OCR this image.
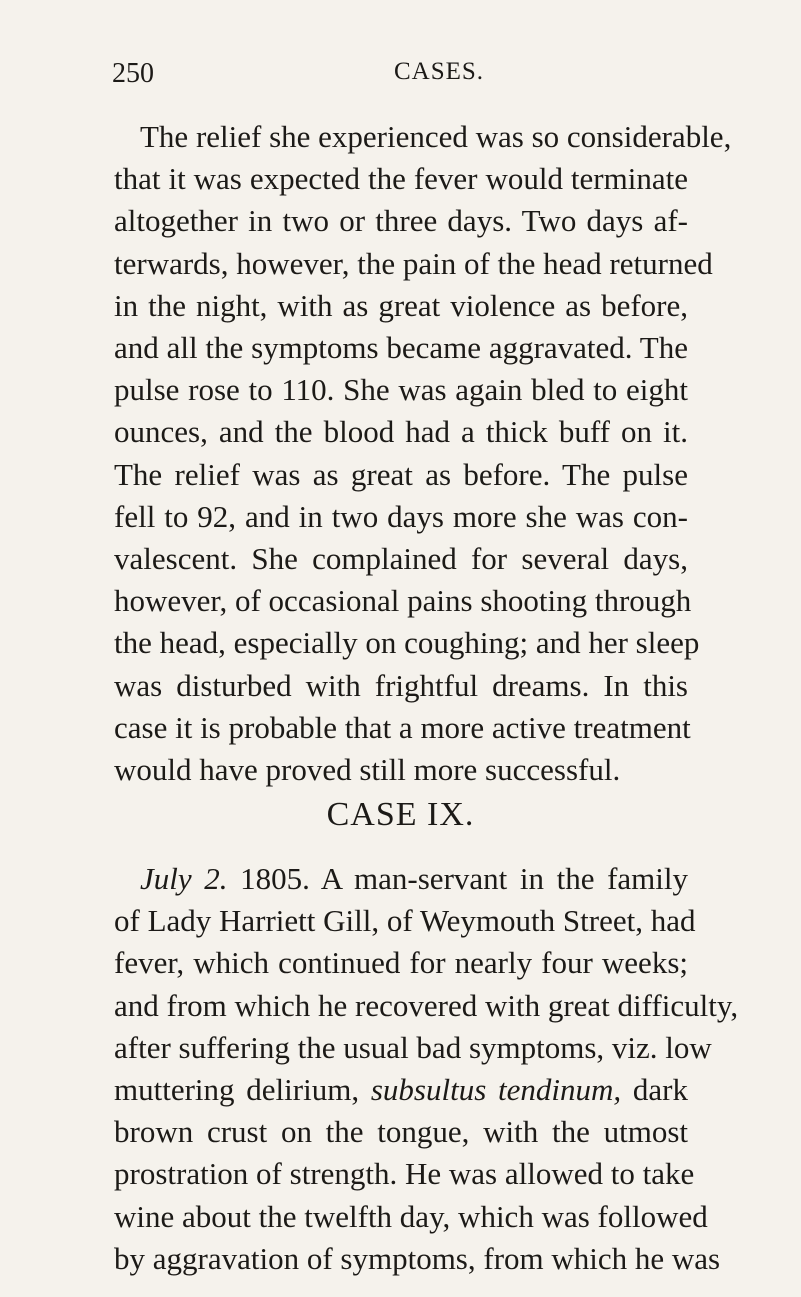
250	CASES.
The relief she experienced was so considerable,
that it was expected the fever would terminate
altogether in two or three days. Two days af-
terwards, however, the pain of the head returned
in the night, with as great violence as before,
and all the symptoms became aggravated. The
pulse rose to 110. She was again bled to eight
ounces, and the blood had a thick buff on it.
The relief was as great as before. The pulse
fell to 92, and in two days more she was con-
valescent. She complained for several days,
however, of occasional pains shooting through
the head, especially on coughing; and her sleep
was disturbed with frightful dreams. In this
case it is probable that a more active treatment
would have proved still more successful.
CASE IX.
July 2. 1805. A man-servant in the family
of Lady Harriett Gill, of Weymouth Street, had
fever, which continued for nearly four weeks;
and from which he recovered with great difficulty,
after suffering the usual bad symptoms, viz. low
muttering delirium, subsultus tendinum, dark
brown crust on the tongue, with the utmost
prostration of strength. He was allowed to take
wine about the twelfth day, which was followed
by aggravation of symptoms, from which he was
